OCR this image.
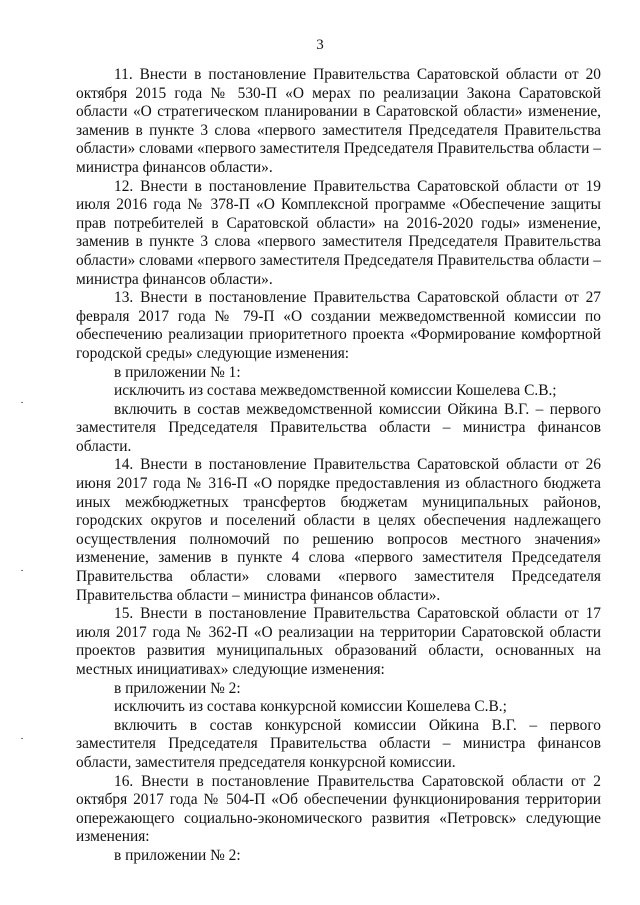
3

11. Внести в постановление Правительства Саратовской области от 20 октября 2015 года № 530-П «О мерах по реализации Закона Саратовской области «О стратегическом планировании в Саратовской области» изменение, заменив в пункте 3 слова «первого заместителя Председателя Правительства области» словами «первого заместителя Председателя Правительства области – министра финансов области».

12. Внести в постановление Правительства Саратовской области от 19 июля 2016 года № 378-П «О Комплексной программе «Обеспечение защиты прав потребителей в Саратовской области» на 2016-2020 годы» изменение, заменив в пункте 3 слова «первого заместителя Председателя Правительства области» словами «первого заместителя Председателя Правительства области – министра финансов области».

13. Внести в постановление Правительства Саратовской области от 27 февраля 2017 года № 79-П «О создании межведомственной комиссии по обеспечению реализации приоритетного проекта «Формирование комфортной городской среды» следующие изменения:

в приложении № 1:

исключить из состава межведомственной комиссии Кошелева С.В.;

включить в состав межведомственной комиссии Ойкина В.Г. – первого заместителя Председателя Правительства области – министра финансов области.

14. Внести в постановление Правительства Саратовской области от 26 июня 2017 года № 316-П «О порядке предоставления из областного бюджета иных межбюджетных трансфертов бюджетам муниципальных районов, городских округов и поселений области в целях обеспечения надлежащего осуществления полномочий по решению вопросов местного значения» изменение, заменив в пункте 4 слова «первого заместителя Председателя Правительства области» словами «первого заместителя Председателя Правительства области – министра финансов области».

15. Внести в постановление Правительства Саратовской области от 17 июля 2017 года № 362-П «О реализации на территории Саратовской области проектов развития муниципальных образований области, основанных на местных инициативах» следующие изменения:

в приложении № 2:

исключить из состава конкурсной комиссии Кошелева С.В.;

включить в состав конкурсной комиссии Ойкина В.Г. – первого заместителя Председателя Правительства области – министра финансов области, заместителя председателя конкурсной комиссии.

16. Внести в постановление Правительства Саратовской области от 2 октября 2017 года № 504-П «Об обеспечении функционирования территории опережающего социально-экономического развития «Петровск» следующие изменения:

в приложении № 2:
